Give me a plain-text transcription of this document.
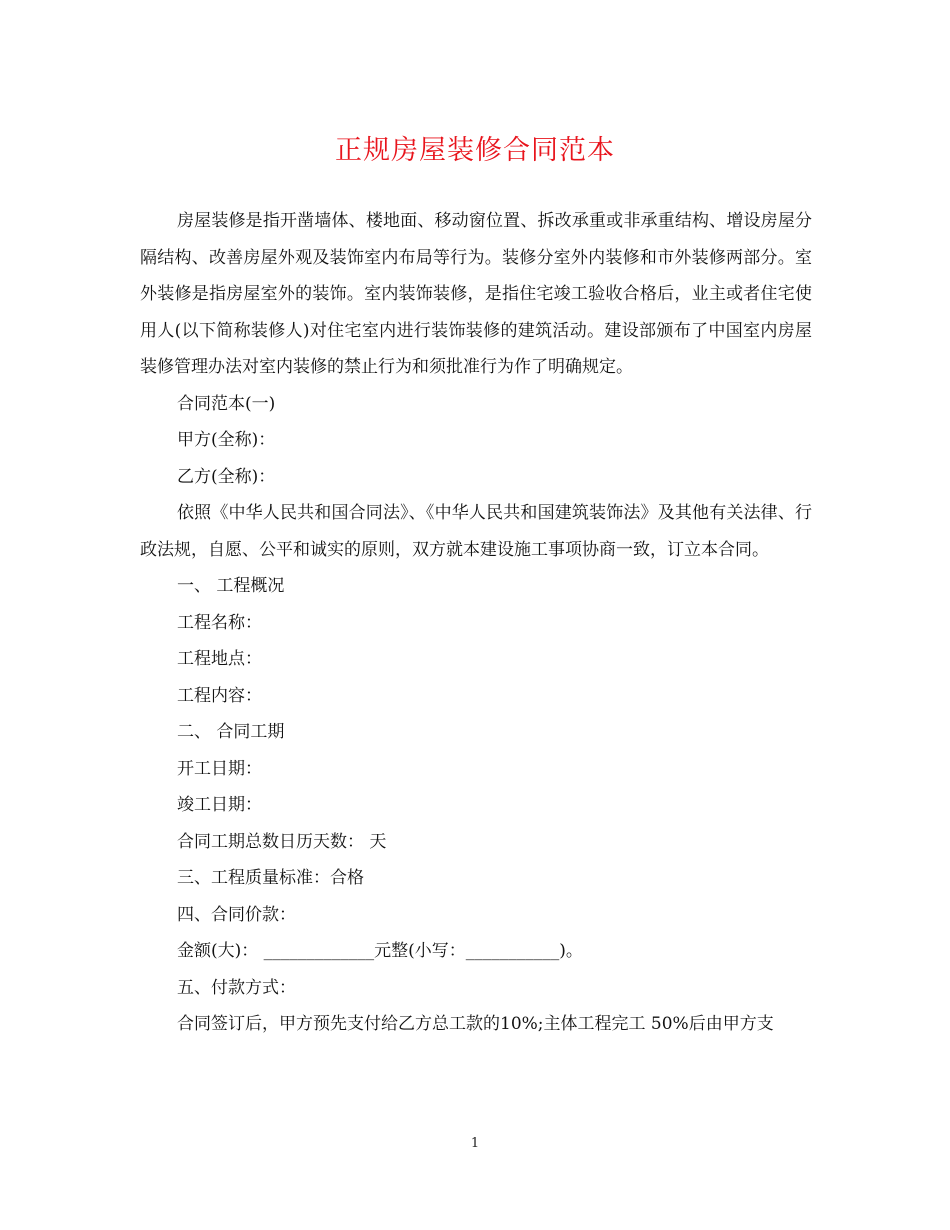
正规房屋装修合同范本

房屋装修是指开凿墙体、楼地面、移动窗位置、拆改承重或非承重结构、增设房屋分隔结构、改善房屋外观及装饰室内布局等行为。装修分室外内装修和市外装修两部分。室外装修是指房屋室外的装饰。室内装饰装修，是指住宅竣工验收合格后，业主或者住宅使用人(以下简称装修人)对住宅室内进行装饰装修的建筑活动。建设部颁布了中国室内房屋装修管理办法对室内装修的禁止行为和须批准行为作了明确规定。

合同范本(一)

甲方(全称)：

乙方(全称)：

依照《中华人民共和国合同法》、《中华人民共和国建筑装饰法》及其他有关法律、行政法规，自愿、公平和诚实的原则，双方就本建设施工事项协商一致，订立本合同。

一、 工程概况

工程名称：

工程地点：

工程内容：

二、 合同工期

开工日期：

竣工日期：

合同工期总数日历天数： 天

三、工程质量标准：合格

四、合同价款：

金额(大)： _____________元整(小写：___________)。

五、付款方式：

合同签订后，甲方预先支付给乙方总工款的10%;主体工程完工 50%后由甲方支

1
